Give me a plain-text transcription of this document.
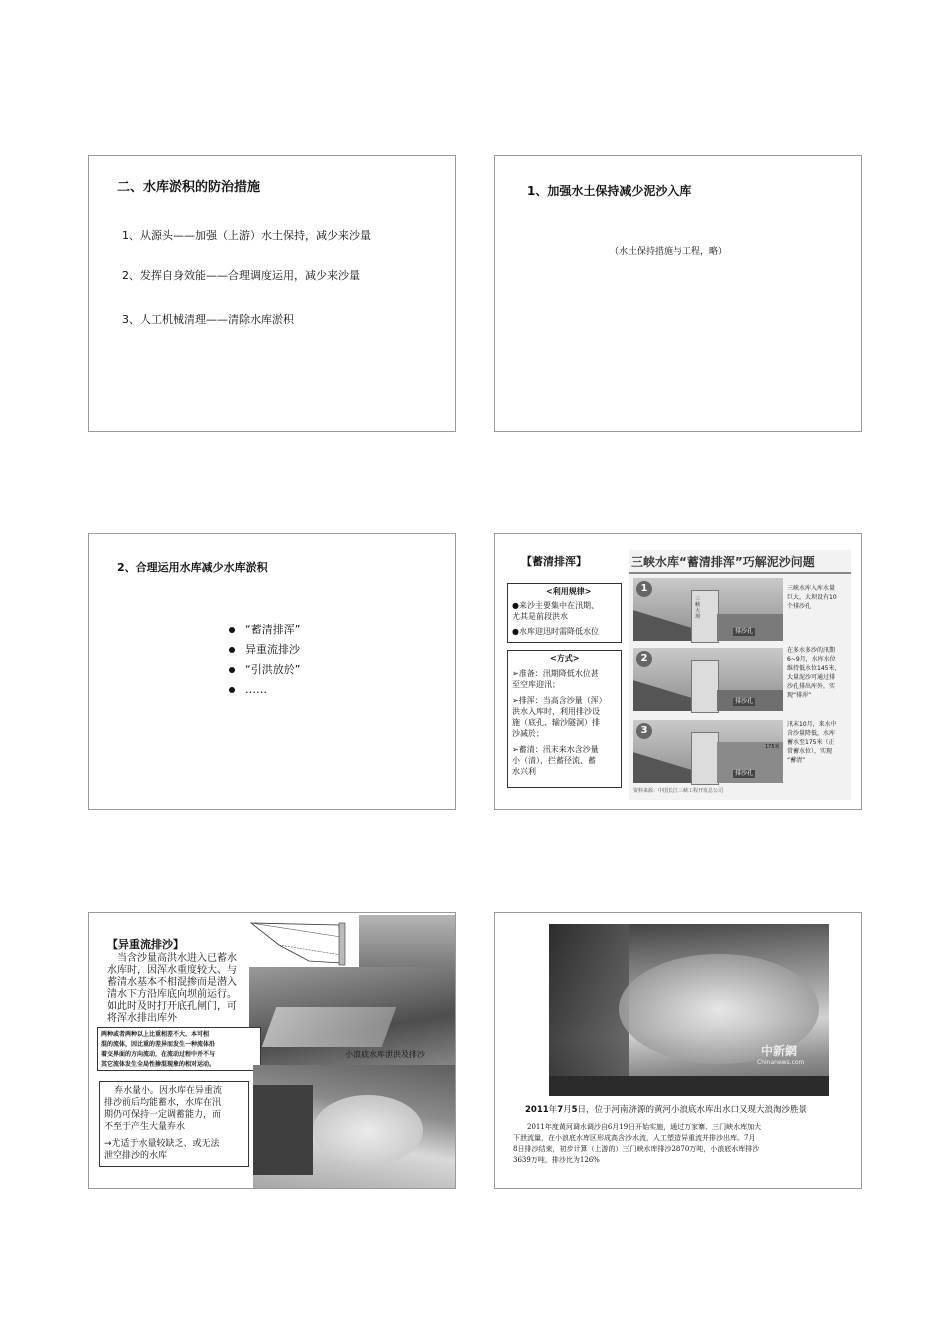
二、水库淤积的防治措施
1、从源头——加强（上游）水土保持，减少来沙量
2、发挥自身效能——合理调度运用，减少来沙量
3、人工机械清理——清除水库淤积
1、加强水土保持减少泥沙入库
（水土保持措施与工程，略）
2、合理运用水库减少水库淤积
“蓄清排浑”
异重流排沙
“引洪放於”
……
【蓄清排浑】
<利用规律>
●来沙主要集中在汛期、
尤其是前段洪水
●水库迎迅时需降低水位
<方式>
➢准备：汛期降低水位甚
至空库迎汛；
➢排浑：当高含沙量（浑）
洪水入库时，利用排沙设
施（底孔、输沙隧洞）排
沙减於；
➢蓄清：汛末来水含沙量
小（清），拦蓄径流、蓄
水兴利
三峡水库“蓄清排浑”巧解泥沙问题
三峡大坝
排沙孔
1	三峡水库入库水量
巨大，大坝设有10
个排沙孔
排沙孔
2
在多水多沙的汛期
6~9月，水库水位
维持低水位145米，
大量泥沙可通过排
沙孔排出库外，实
现“排浑”
排沙孔
175米
3
汛末10月，来水中
含沙量降低，水库
蓄水至175米（正
常蓄水位），实现
“蓄清”
资料来源：中国长江三峡工程开发总公司
【异重流排沙】
当含沙量高洪水进入已蓄水
水库时，因浑水重度较大、与
蓄清水基本不相混掺而是潜入
清水下方沿库底向坝前运行。
如此时及时打开底孔闸门，可
将浑水排出库外
两种或者两种以上比重相差不大、本可相
混的流体，因比重的差异而发生一种流体沿
着交界面的方向流动，在流动过程中并不与
其它流体发生全局性掺混现象的相对运动。
小浪底水库泄洪及排沙
弃水量小。因水库在异重流
排沙前后均能蓄水，水库在汛
期仍可保持一定调蓄能力，而
不至于产生大量弃水
→尤适于水量较缺乏、或无法
泄空排沙的水库
中新網
Chinanews.com
2011年7月5日，位于河南济源的黄河小浪底水库出水口又现大浪淘沙胜景
2011年度黄河调水调沙自6月19日开始实施，通过万家寨、三门峡水库加大
下泄流量，在小浪底水库区形成高含沙水流，人工塑造异重流并排沙出库。7月
8日排沙结束，初步计算（上游的）三门峡水库排沙2870万吨，小浪底水库排沙
3639万吨，排沙比为126%
